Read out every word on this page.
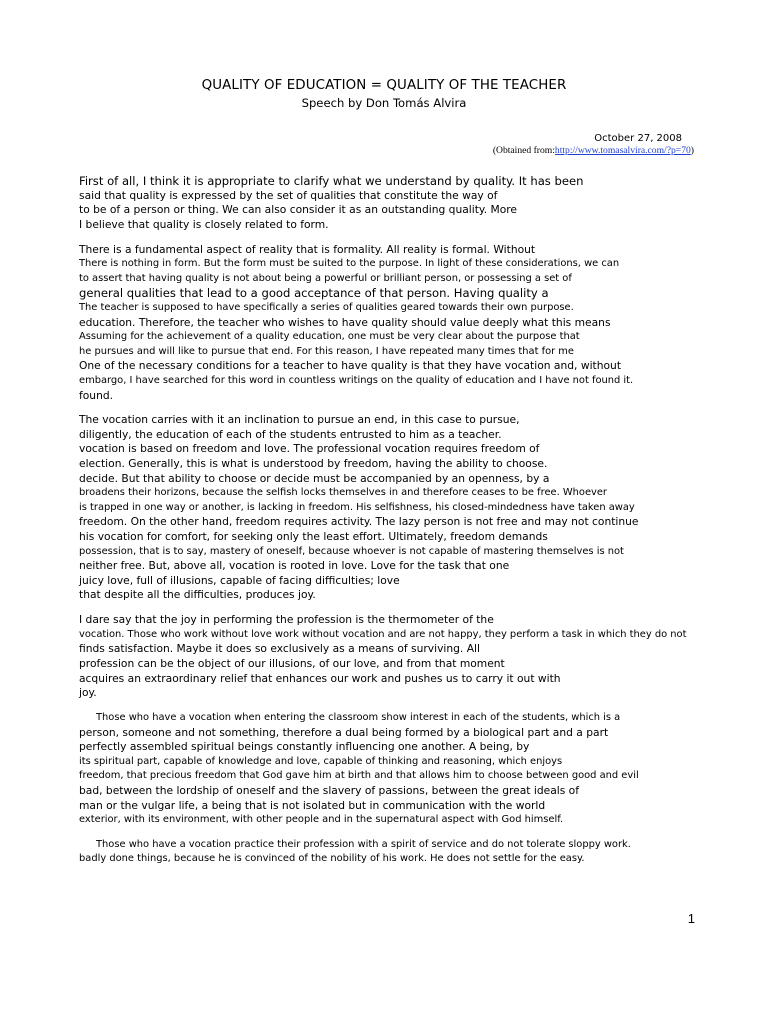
QUALITY OF EDUCATION = QUALITY OF THE TEACHER
Speech by Don Tomás Alvira
October 27, 2008
(Obtained from:http://www.tomasalvira.com/?p=70)
First of all, I think it is appropriate to clarify what we understand by quality. It has been
said that quality is expressed by the set of qualities that constitute the way of
to be of a person or thing. We can also consider it as an outstanding quality. More
I believe that quality is closely related to form.
There is a fundamental aspect of reality that is formality. All reality is formal. Without
There is nothing in form. But the form must be suited to the purpose. In light of these considerations, we can
to assert that having quality is not about being a powerful or brilliant person, or possessing a set of
general qualities that lead to a good acceptance of that person. Having quality a
The teacher is supposed to have specifically a series of qualities geared towards their own purpose.
education. Therefore, the teacher who wishes to have quality should value deeply what this means
Assuming for the achievement of a quality education, one must be very clear about the purpose that
he pursues and will like to pursue that end. For this reason, I have repeated many times that for me
One of the necessary conditions for a teacher to have quality is that they have vocation and, without
embargo, I have searched for this word in countless writings on the quality of education and I have not found it.
found.
The vocation carries with it an inclination to pursue an end, in this case to pursue,
diligently, the education of each of the students entrusted to him as a teacher.
vocation is based on freedom and love. The professional vocation requires freedom of
election. Generally, this is what is understood by freedom, having the ability to choose.
decide. But that ability to choose or decide must be accompanied by an openness, by a
broadens their horizons, because the selfish locks themselves in and therefore ceases to be free. Whoever
is trapped in one way or another, is lacking in freedom. His selfishness, his closed-mindedness have taken away
freedom. On the other hand, freedom requires activity. The lazy person is not free and may not continue
his vocation for comfort, for seeking only the least effort. Ultimately, freedom demands
possession, that is to say, mastery of oneself, because whoever is not capable of mastering themselves is not
neither free. But, above all, vocation is rooted in love. Love for the task that one
juicy love, full of illusions, capable of facing difficulties; love
that despite all the difficulties, produces joy.
I dare say that the joy in performing the profession is the thermometer of the
vocation. Those who work without love work without vocation and are not happy, they perform a task in which they do not
finds satisfaction. Maybe it does so exclusively as a means of surviving. All
profession can be the object of our illusions, of our love, and from that moment
acquires an extraordinary relief that enhances our work and pushes us to carry it out with
joy.
Those who have a vocation when entering the classroom show interest in each of the students, which is a
person, someone and not something, therefore a dual being formed by a biological part and a part
perfectly assembled spiritual beings constantly influencing one another. A being, by
its spiritual part, capable of knowledge and love, capable of thinking and reasoning, which enjoys
freedom, that precious freedom that God gave him at birth and that allows him to choose between good and evil
bad, between the lordship of oneself and the slavery of passions, between the great ideals of
man or the vulgar life, a being that is not isolated but in communication with the world
exterior, with its environment, with other people and in the supernatural aspect with God himself.
Those who have a vocation practice their profession with a spirit of service and do not tolerate sloppy work.
badly done things, because he is convinced of the nobility of his work. He does not settle for the easy.
1
